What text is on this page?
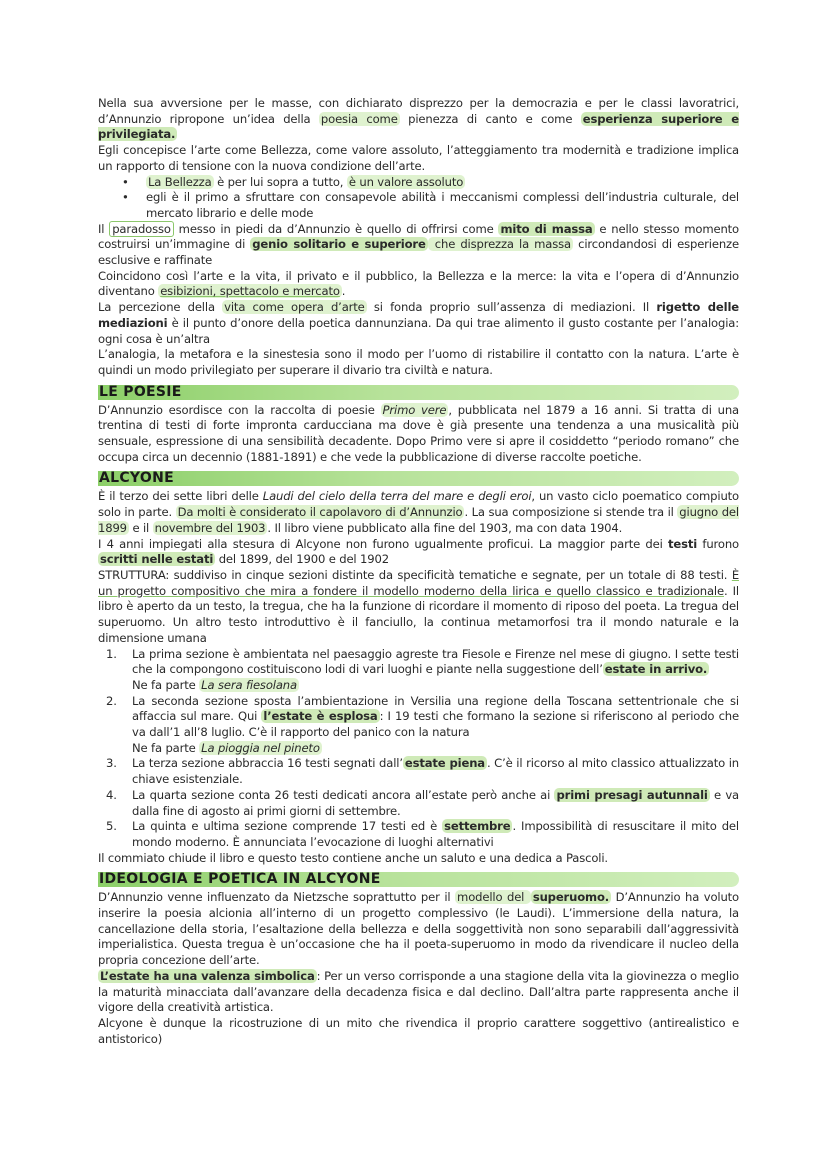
Nella sua avversione per le masse, con dichiarato disprezzo per la democrazia e per le classi lavoratrici, d’Annunzio ripropone un’idea della poesia come pienezza di canto e come esperienza superiore e privilegiata.

Egli concepisce l’arte come Bellezza, come valore assoluto, l’atteggiamento tra modernità e tradizione implica un rapporto di tensione con la nuova condizione dell’arte.

• La Bellezza è per lui sopra a tutto, è un valore assoluto
• egli è il primo a sfruttare con consapevole abilità i meccanismi complessi dell’industria culturale, del mercato librario e delle mode

Il paradosso messo in piedi da d’Annunzio è quello di offrirsi come mito di massa e nello stesso momento costruirsi un’immagine di genio solitario e superiore che disprezza la massa circondandosi di esperienze esclusive e raffinate

Coincidono così l’arte e la vita, il privato e il pubblico, la Bellezza e la merce: la vita e l’opera di d’Annunzio diventano esibizioni, spettacolo e mercato .

La percezione della vita come opera d’arte si fonda proprio sull’assenza di mediazioni. Il rigetto delle mediazioni è il punto d’onore della poetica dannunziana. Da qui trae alimento il gusto costante per l’analogia: ogni cosa è un’altra

L’analogia, la metafora e la sinestesia sono il modo per l’uomo di ristabilire il contatto con la natura. L’arte è quindi un modo privilegiato per superare il divario tra civiltà e natura.

LE POESIE

D’Annunzio esordisce con la raccolta di poesie Primo vere , pubblicata nel 1879 a 16 anni. Si tratta di una trentina di testi di forte impronta carducciana ma dove è già presente una tendenza a una musicalità più sensuale, espressione di una sensibilità decadente. Dopo Primo vere si apre il cosiddetto “periodo romano” che occupa circa un decennio (1881-1891) e che vede la pubblicazione di diverse raccolte poetiche.

ALCYONE

È il terzo dei sette libri delle Laudi del cielo della terra del mare e degli eroi, un vasto ciclo poematico compiuto solo in parte. Da molti è considerato il capolavoro di d’Annunzio . La sua composizione si stende tra il giugno del 1899 e il novembre del 1903 . Il libro viene pubblicato alla fine del 1903, ma con data 1904.

I 4 anni impiegati alla stesura di Alcyone non furono ugualmente proficui. La maggior parte dei testi furono scritti nelle estati del 1899, del 1900 e del 1902

STRUTTURA: suddiviso in cinque sezioni distinte da specificità tematiche e segnate, per un totale di 88 testi. È un progetto compositivo che mira a fondere il modello moderno della lirica e quello classico e tradizionale. Il libro è aperto da un testo, la tregua, che ha la funzione di ricordare il momento di riposo del poeta. La tregua del superuomo. Un altro testo introduttivo è il fanciullo, la continua metamorfosi tra il mondo naturale e la dimensione umana

1. La prima sezione è ambientata nel paesaggio agreste tra Fiesole e Firenze nel mese di giugno. I sette testi che la compongono costituiscono lodi di vari luoghi e piante nella suggestione dell’ estate in arrivo.
Ne fa parte La sera fiesolana
2. La seconda sezione sposta l’ambientazione in Versilia una regione della Toscana settentrionale che si affaccia sul mare. Qui l’estate è esplosa : I 19 testi che formano la sezione si riferiscono al periodo che va dall’1 all’8 luglio. C’è il rapporto del panico con la natura
Ne fa parte La pioggia nel pineto
3. La terza sezione abbraccia 16 testi segnati dall’ estate piena . C’è il ricorso al mito classico attualizzato in chiave esistenziale.
4. La quarta sezione conta 26 testi dedicati ancora all’estate però anche ai primi presagi autunnali e va dalla fine di agosto ai primi giorni di settembre.
5. La quinta e ultima sezione comprende 17 testi ed è settembre . Impossibilità di resuscitare il mito del mondo moderno. È annunciata l’evocazione di luoghi alternativi

Il commiato chiude il libro e questo testo contiene anche un saluto e una dedica a Pascoli.

IDEOLOGIA E POETICA IN ALCYONE

D’Annunzio venne influenzato da Nietzsche soprattutto per il modello del superuomo. D’Annunzio ha voluto inserire la poesia alcionia all’interno di un progetto complessivo (le Laudi). L’immersione della natura, la cancellazione della storia, l’esaltazione della bellezza e della soggettività non sono separabili dall’aggressività imperialistica. Questa tregua è un’occasione che ha il poeta-superuomo in modo da rivendicare il nucleo della propria concezione dell’arte.

L’estate ha una valenza simbolica : Per un verso corrisponde a una stagione della vita la giovinezza o meglio la maturità minacciata dall’avanzare della decadenza fisica e dal declino. Dall’altra parte rappresenta anche il vigore della creatività artistica.

Alcyone è dunque la ricostruzione di un mito che rivendica il proprio carattere soggettivo (antirealistico e antistorico)
